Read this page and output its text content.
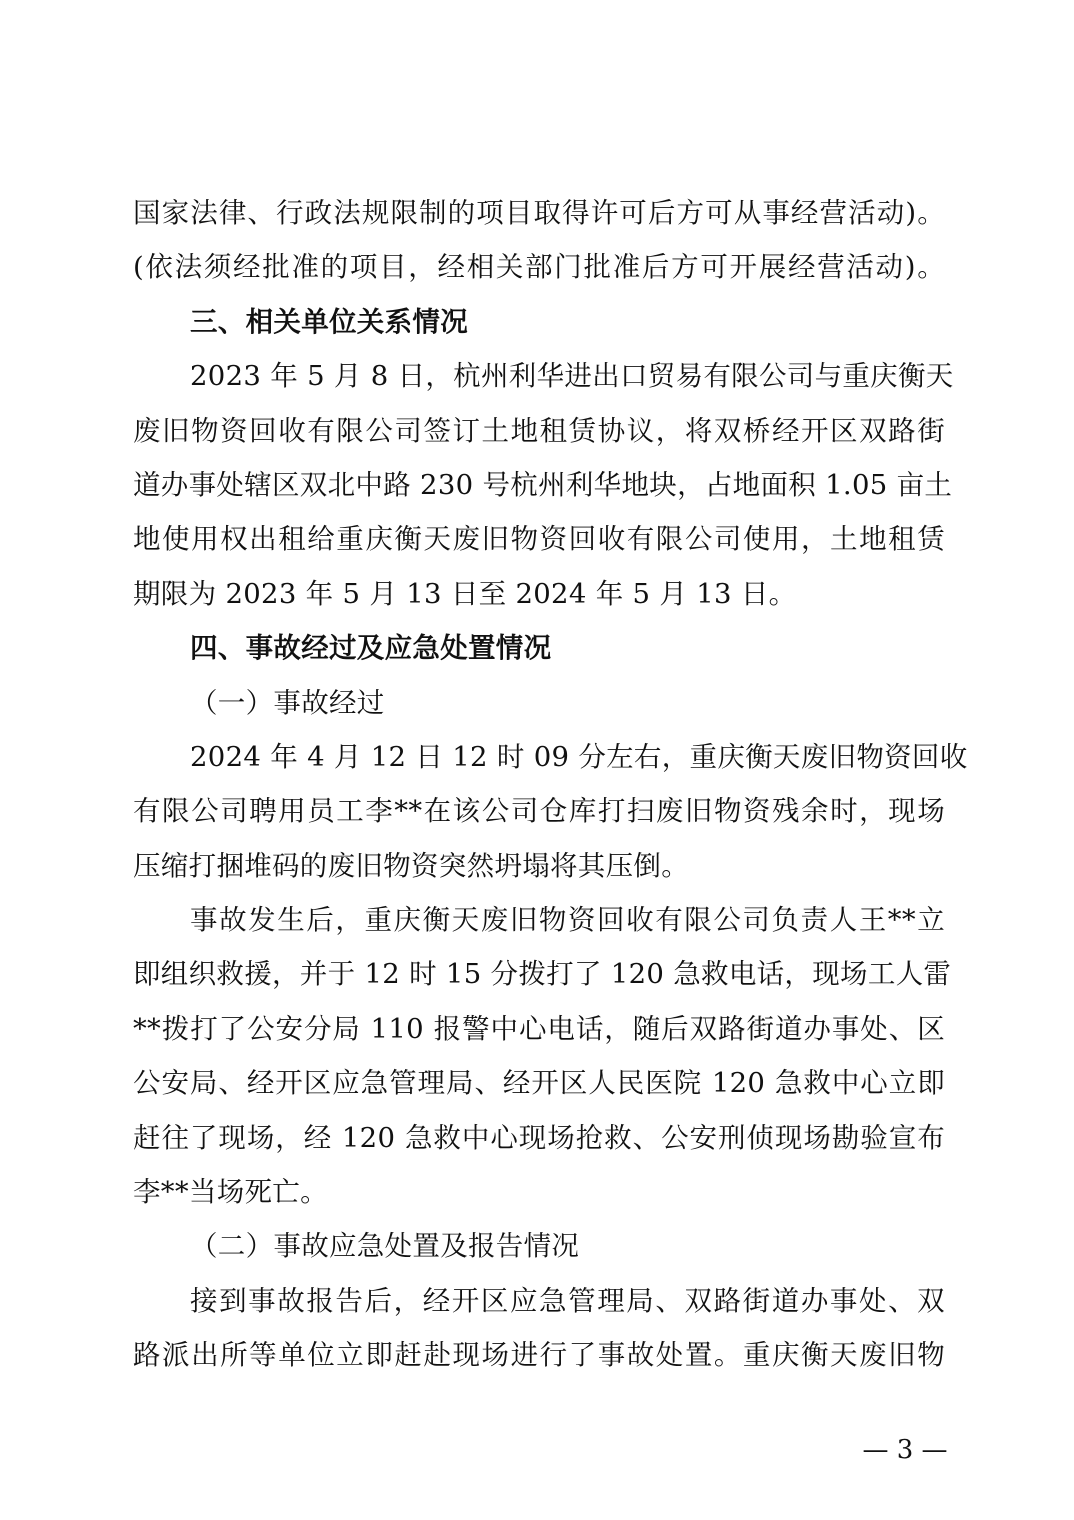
国家法律、行政法规限制的项目取得许可后方可从事经营活动)。
(依法须经批准的项目，经相关部门批准后方可开展经营活动)。
三、相关单位关系情况
2023 年 5 月 8 日，杭州利华进出口贸易有限公司与重庆衡天
废旧物资回收有限公司签订土地租赁协议，将双桥经开区双路街
道办事处辖区双北中路 230 号杭州利华地块，占地面积 1.05 亩土
地使用权出租给重庆衡天废旧物资回收有限公司使用，土地租赁
期限为 2023 年 5 月 13 日至 2024 年 5 月 13 日。
四、事故经过及应急处置情况
（一）事故经过
2024 年 4 月 12 日 12 时 09 分左右，重庆衡天废旧物资回收
有限公司聘用员工李**在该公司仓库打扫废旧物资残余时，现场
压缩打捆堆码的废旧物资突然坍塌将其压倒。
事故发生后，重庆衡天废旧物资回收有限公司负责人王**立
即组织救援，并于 12 时 15 分拨打了 120 急救电话，现场工人雷
**拨打了公安分局 110 报警中心电话，随后双路街道办事处、区
公安局、经开区应急管理局、经开区人民医院 120 急救中心立即
赶往了现场，经 120 急救中心现场抢救、公安刑侦现场勘验宣布
李**当场死亡。
（二）事故应急处置及报告情况
接到事故报告后，经开区应急管理局、双路街道办事处、双
路派出所等单位立即赶赴现场进行了事故处置。重庆衡天废旧物
— 3 —
